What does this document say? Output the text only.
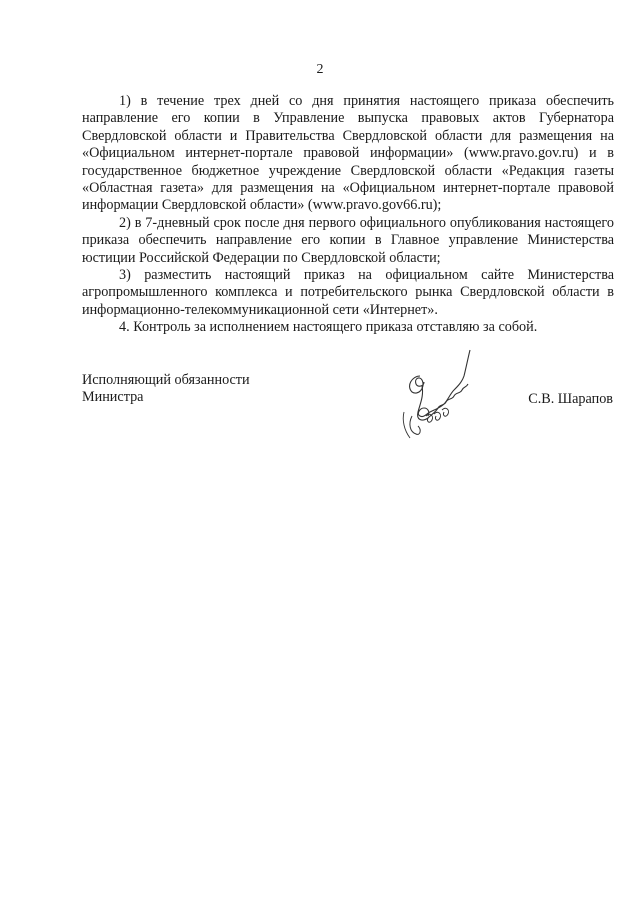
2

1) в течение трех дней со дня принятия настоящего приказа обеспечить направление его копии в Управление выпуска правовых актов Губернатора Свердловской области и Правительства Свердловской области для размещения на «Официальном интернет-портале правовой информации» (www.pravo.gov.ru) и в государственное бюджетное учреждение Свердловской области «Редакция газеты «Областная газета» для размещения на «Официальном интернет-портале правовой информации Свердловской области» (www.pravo.gov66.ru);

2) в 7-дневный срок после дня первого официального опубликования настоящего приказа обеспечить направление его копии в Главное управление Министерства юстиции Российской Федерации по Свердловской области;

3) разместить настоящий приказ на официальном сайте Министерства агропромышленного комплекса и потребительского рынка Свердловской области в информационно-телекоммуникационной сети «Интернет».

4. Контроль за исполнением настоящего приказа отставляю за собой.

Исполняющий обязанности
Министра	С.В. Шарапов
